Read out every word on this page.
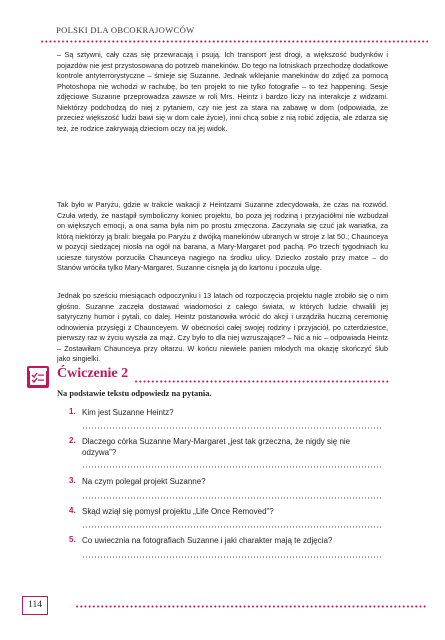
POLSKI DLA OBCOKRAJOWCÓW

– Są sztywni, cały czas się przewracają i psują. Ich transport jest drogi, a większość budynków i pojazdów nie jest przystosowana do potrzeb manekinów. Do tego na lotniskach przechodzę dodatkowe kontrole antyterrorystyczne – śmieje się Suzanne. Jednak wklejanie manekinów do zdjęć za pomocą Photoshopa nie wchodzi w rachubę, bo ten projekt to nie tylko fotografie – to też happening. Sesje zdjęciowe Suzanne przeprowadza zawsze w roli Mrs. Heintz i bardzo liczy na interakcje z widzami. Niektórzy podchodzą do niej z pytaniem, czy nie jest za stara na zabawę w dom (odpowiada, że przecież większość ludzi bawi się w dom całe życie), inni chcą sobie z nią robić zdjęcia, ale zdarza się też, że rodzice zakrywają dzieciom oczy na jej widok.

Tak było w Paryżu, gdzie w trakcie wakacji z Heintzami Suzanne zdecydowała, że czas na rozwód. Czuła wtedy, że nastąpił symboliczny koniec projektu, bo poza jej rodziną i przyjaciółmi nie wzbudzał on większych emocji, a ona sama była nim po prostu zmęczona. Zaczynała się czuć jak wariatka, za którą niektórzy ją brali: biegała po Paryżu z dwójką manekinów ubranych w stroje z lat 50.; Chaunceya w pozycji siedzącej niosła na ogół na barana, a Mary-Margaret pod pachą. Po trzech tygodniach ku uciesze turystów porzuciła Chaunceya nagiego na środku ulicy. Dziecko zostało przy matce – do Stanów wróciła tylko Mary-Margaret. Suzanne cisnęła ją do kartonu i poczuła ulgę.

Jednak po sześciu miesiącach odpoczynku i 13 latach od rozpoczęcia projektu nagle zrobiło się o nim głośno. Suzanne zaczęła dostawać wiadomości z całego świata, w których ludzie chwalili jej satyryczny humor i pytali, co dalej. Heintz postanowiła wrócić do akcji i urządziła huczną ceremonię odnowienia przysięgi z Chaunceyem. W obecności całej swojej rodziny i przyjaciół, po czterdziestce, pierwszy raz w życiu wyszła za mąż. Czy było to dla niej wzruszające? – Nic a nic – odpowiada Heintz – Zostawiłam Chaunceya przy ołtarzu. W końcu niewiele panien młodych ma okazję skończyć ślub jako singielki.

Ćwiczenie 2
Na podstawie tekstu odpowiedz na pytania.
1. Kim jest Suzanne Heintz?

2. Dlaczego córka Suzanne Mary-Margaret „jest tak grzeczna, że nigdy się nie odzywa”?

3. Na czym polegał projekt Suzanne?

4. Skąd wziął się pomysł projektu „Life Once Removed”?

5. Co uwiecznia na fotografiach Suzanne i jaki charakter mają te zdjęcia?

114
